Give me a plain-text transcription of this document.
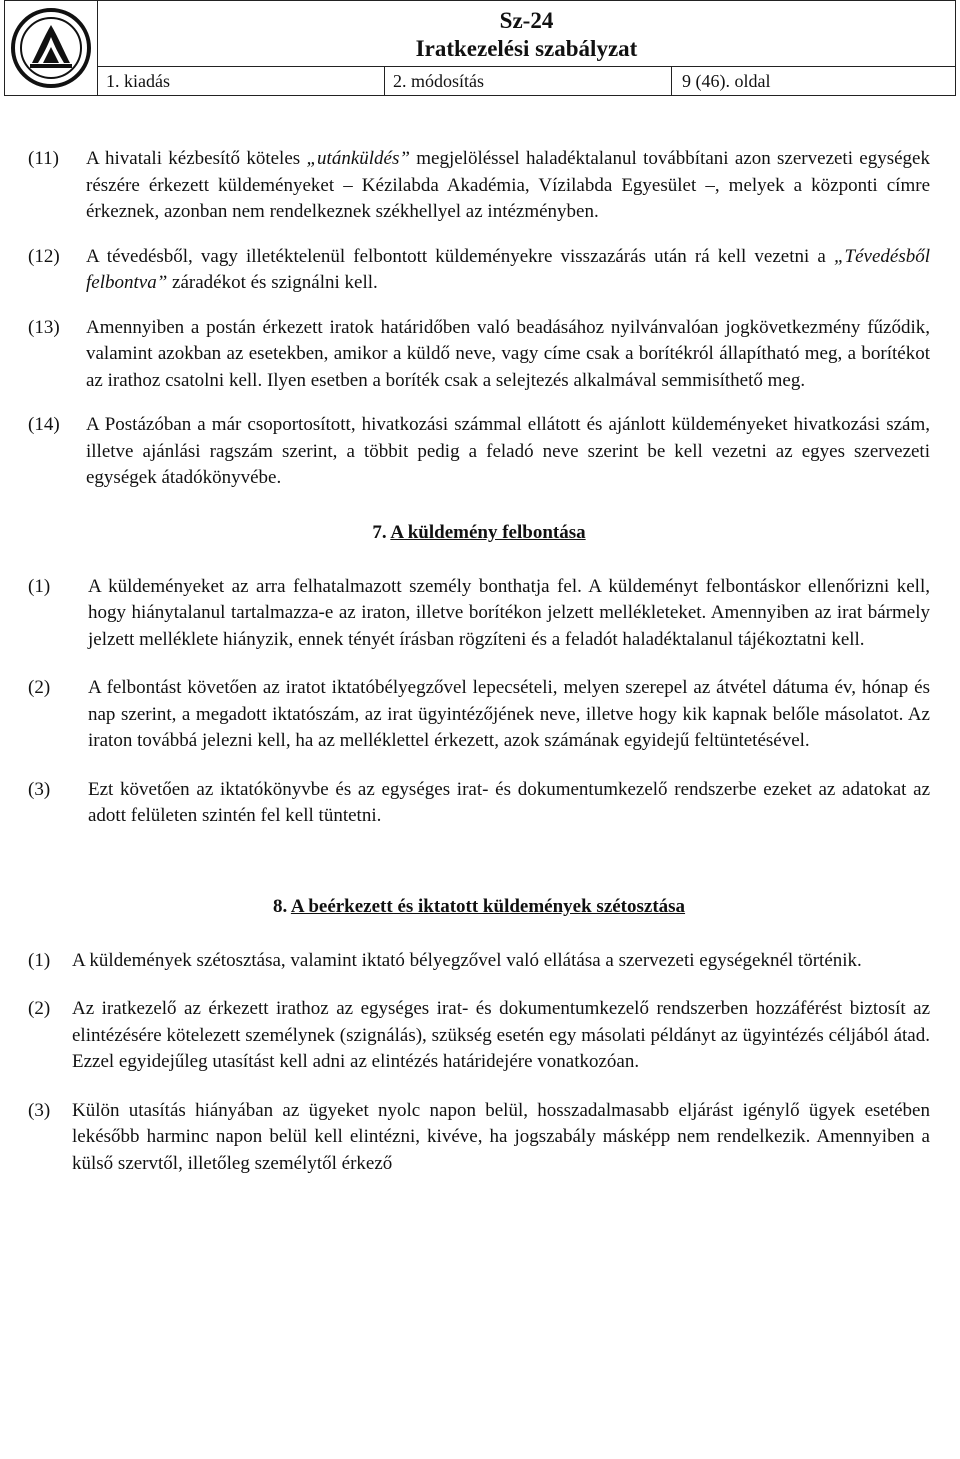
Sz-24
Iratkezelési szabályzat
1. kiadás	2. módosítás	9 (46). oldal

(11)	A hivatali kézbesítő köteles „utánküldés” megjelöléssel haladéktalanul továbbítani azon szervezeti egységek részére érkezett küldeményeket – Kézilabda Akadémia, Vízilabda Egyesület –, melyek a központi címre érkeznek, azonban nem rendelkeznek székhellyel az intézményben.

(12)	A tévedésből, vagy illetéktelenül felbontott küldeményekre visszazárás után rá kell vezetni a „Tévedésből felbontva” záradékot és szignálni kell.

(13)	Amennyiben a postán érkezett iratok határidőben való beadásához nyilvánvalóan jogkövetkezmény fűződik, valamint azokban az esetekben, amikor a küldő neve, vagy címe csak a borítékról állapítható meg, a borítékot az irathoz csatolni kell. Ilyen esetben a boríték csak a selejtezés alkalmával semmisíthető meg.

(14)	A Postázóban a már csoportosított, hivatkozási számmal ellátott és ajánlott küldeményeket hivatkozási szám, illetve ajánlási ragszám szerint, a többit pedig a feladó neve szerint be kell vezetni az egyes szervezeti egységek átadókönyvébe.

7. A küldemény felbontása

(1)	A küldeményeket az arra felhatalmazott személy bonthatja fel. A küldeményt felbontáskor ellenőrizni kell, hogy hiánytalanul tartalmazza-e az iraton, illetve borítékon jelzett mellékleteket. Amennyiben az irat bármely jelzett melléklete hiányzik, ennek tényét írásban rögzíteni és a feladót haladéktalanul tájékoztatni kell.

(2)	A felbontást követően az iratot iktatóbélyegzővel lepecsételi, melyen szerepel az átvétel dátuma év, hónap és nap szerint, a megadott iktatószám, az irat ügyintézőjének neve, illetve hogy kik kapnak belőle másolatot. Az iraton továbbá jelezni kell, ha az melléklettel érkezett, azok számának egyidejű feltüntetésével.

(3)	Ezt követően az iktatókönyvbe és az egységes irat- és dokumentumkezelő rendszerbe ezeket az adatokat az adott felületen szintén fel kell tüntetni.

8. A beérkezett és iktatott küldemények szétosztása

(1)	A küldemények szétosztása, valamint iktató bélyegzővel való ellátása a szervezeti egységeknél történik.

(2)	Az iratkezelő az érkezett irathoz az egységes irat- és dokumentumkezelő rendszerben hozzáférést biztosít az elintézésére kötelezett személynek (szignálás), szükség esetén egy másolati példányt az ügyintézés céljából átad. Ezzel egyidejűleg utasítást kell adni az elintézés határidejére vonatkozóan.

(3)	Külön utasítás hiányában az ügyeket nyolc napon belül, hosszadalmasabb eljárást igénylő ügyek esetében lekésőbb harminc napon belül kell elintézni, kivéve, ha jogszabály másképp nem rendelkezik. Amennyiben a külső szervtől, illetőleg személytől érkező
